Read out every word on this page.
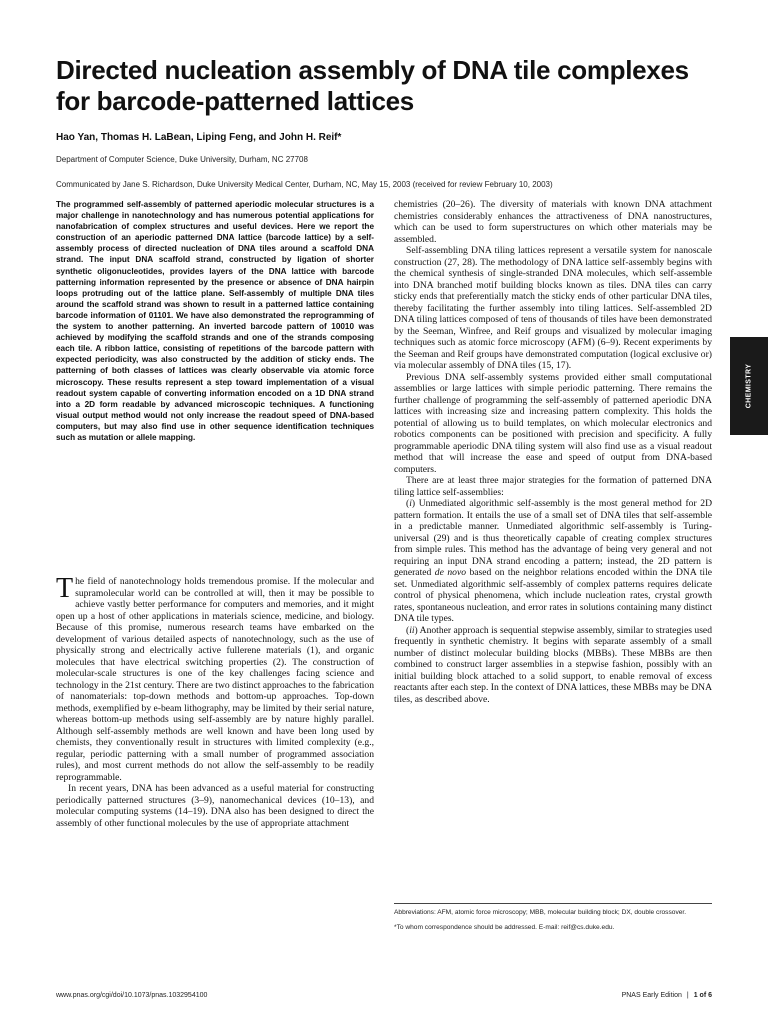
Directed nucleation assembly of DNA tile complexes for barcode-patterned lattices
Hao Yan, Thomas H. LaBean, Liping Feng, and John H. Reif*
Department of Computer Science, Duke University, Durham, NC 27708
Communicated by Jane S. Richardson, Duke University Medical Center, Durham, NC, May 15, 2003 (received for review February 10, 2003)
The programmed self-assembly of patterned aperiodic molecular structures is a major challenge in nanotechnology and has numerous potential applications for nanofabrication of complex structures and useful devices. Here we report the construction of an aperiodic patterned DNA lattice (barcode lattice) by a self-assembly process of directed nucleation of DNA tiles around a scaffold DNA strand. The input DNA scaffold strand, constructed by ligation of shorter synthetic oligonucleotides, provides layers of the DNA lattice with barcode patterning information represented by the presence or absence of DNA hairpin loops protruding out of the lattice plane. Self-assembly of multiple DNA tiles around the scaffold strand was shown to result in a patterned lattice containing barcode information of 01101. We have also demonstrated the reprogramming of the system to another patterning. An inverted barcode pattern of 10010 was achieved by modifying the scaffold strands and one of the strands composing each tile. A ribbon lattice, consisting of repetitions of the barcode pattern with expected periodicity, was also constructed by the addition of sticky ends. The patterning of both classes of lattices was clearly observable via atomic force microscopy. These results represent a step toward implementation of a visual readout system capable of converting information encoded on a 1D DNA strand into a 2D form readable by advanced microscopic techniques. A functioning visual output method would not only increase the readout speed of DNA-based computers, but may also find use in other sequence identification techniques such as mutation or allele mapping.

The field of nanotechnology holds tremendous promise. If the molecular and supramolecular world can be controlled at will, then it may be possible to achieve vastly better performance for computers and memories, and it might open up a host of other applications in materials science, medicine, and biology. Because of this promise, numerous research teams have embarked on the development of various detailed aspects of nanotechnology, such as the use of physically strong and electrically active fullerene materials (1), and organic molecules that have electrical switching properties (2). The construction of molecular-scale structures is one of the key challenges facing science and technology in the 21st century. There are two distinct approaches to the fabrication of nanomaterials: top-down methods and bottom-up approaches. Top-down methods, exemplified by e-beam lithography, may be limited by their serial nature, whereas bottom-up methods using self-assembly are by nature highly parallel. Although self-assembly methods are well known and have been long used by chemists, they conventionally result in structures with limited complexity (e.g., regular, periodic patterning with a small number of programmed association rules), and most current methods do not allow the self-assembly to be readily reprogrammable.

In recent years, DNA has been advanced as a useful material for constructing periodically patterned structures (3–9), nanomechanical devices (10–13), and molecular computing systems (14–19). DNA also has been designed to direct the assembly of other functional molecules by the use of appropriate attachment

chemistries (20–26). The diversity of materials with known DNA attachment chemistries considerably enhances the attractiveness of DNA nanostructures, which can be used to form superstructures on which other materials may be assembled.

Self-assembling DNA tiling lattices represent a versatile system for nanoscale construction (27, 28). The methodology of DNA lattice self-assembly begins with the chemical synthesis of single-stranded DNA molecules, which self-assemble into DNA branched motif building blocks known as tiles. DNA tiles can carry sticky ends that preferentially match the sticky ends of other particular DNA tiles, thereby facilitating the further assembly into tiling lattices. Self-assembled 2D DNA tiling lattices composed of tens of thousands of tiles have been demonstrated by the Seeman, Winfree, and Reif groups and visualized by molecular imaging techniques such as atomic force microscopy (AFM) (6–9). Recent experiments by the Seeman and Reif groups have demonstrated computation (logical exclusive or) via molecular assembly of DNA tiles (15, 17).

Previous DNA self-assembly systems provided either small computational assemblies or large lattices with simple periodic patterning. There remains the further challenge of programming the self-assembly of patterned aperiodic DNA lattices with increasing size and increasing pattern complexity. This holds the potential of allowing us to build templates, on which molecular electronics and robotics components can be positioned with precision and specificity. A fully programmable aperiodic DNA tiling system will also find use as a visual readout method that will increase the ease and speed of output from DNA-based computers.

There are at least three major strategies for the formation of patterned DNA tiling lattice self-assemblies:

(i) Unmediated algorithmic self-assembly is the most general method for 2D pattern formation. It entails the use of a small set of DNA tiles that self-assemble in a predictable manner. Unmediated algorithmic self-assembly is Turing-universal (29) and is thus theoretically capable of creating complex structures from simple rules. This method has the advantage of being very general and not requiring an input DNA strand encoding a pattern; instead, the 2D pattern is generated de novo based on the neighbor relations encoded within the DNA tile set. Unmediated algorithmic self-assembly of complex patterns requires delicate control of physical phenomena, which include nucleation rates, crystal growth rates, spontaneous nucleation, and error rates in solutions containing many distinct DNA tile types.

(ii) Another approach is sequential stepwise assembly, similar to strategies used frequently in synthetic chemistry. It begins with separate assembly of a small number of distinct molecular building blocks (MBBs). These MBBs are then combined to construct larger assemblies in a stepwise fashion, possibly with an initial building block attached to a solid support, to enable removal of excess reactants after each step. In the context of DNA lattices, these MBBs may be DNA tiles, as described above.

Abbreviations: AFM, atomic force microscopy; MBB, molecular building block; DX, double crossover.

*To whom correspondence should be addressed. E-mail: reif@cs.duke.edu.

www.pnas.org/cgi/doi/10.1073/pnas.1032954100	PNAS Early Edition | 1 of 6
CHEMISTRY
